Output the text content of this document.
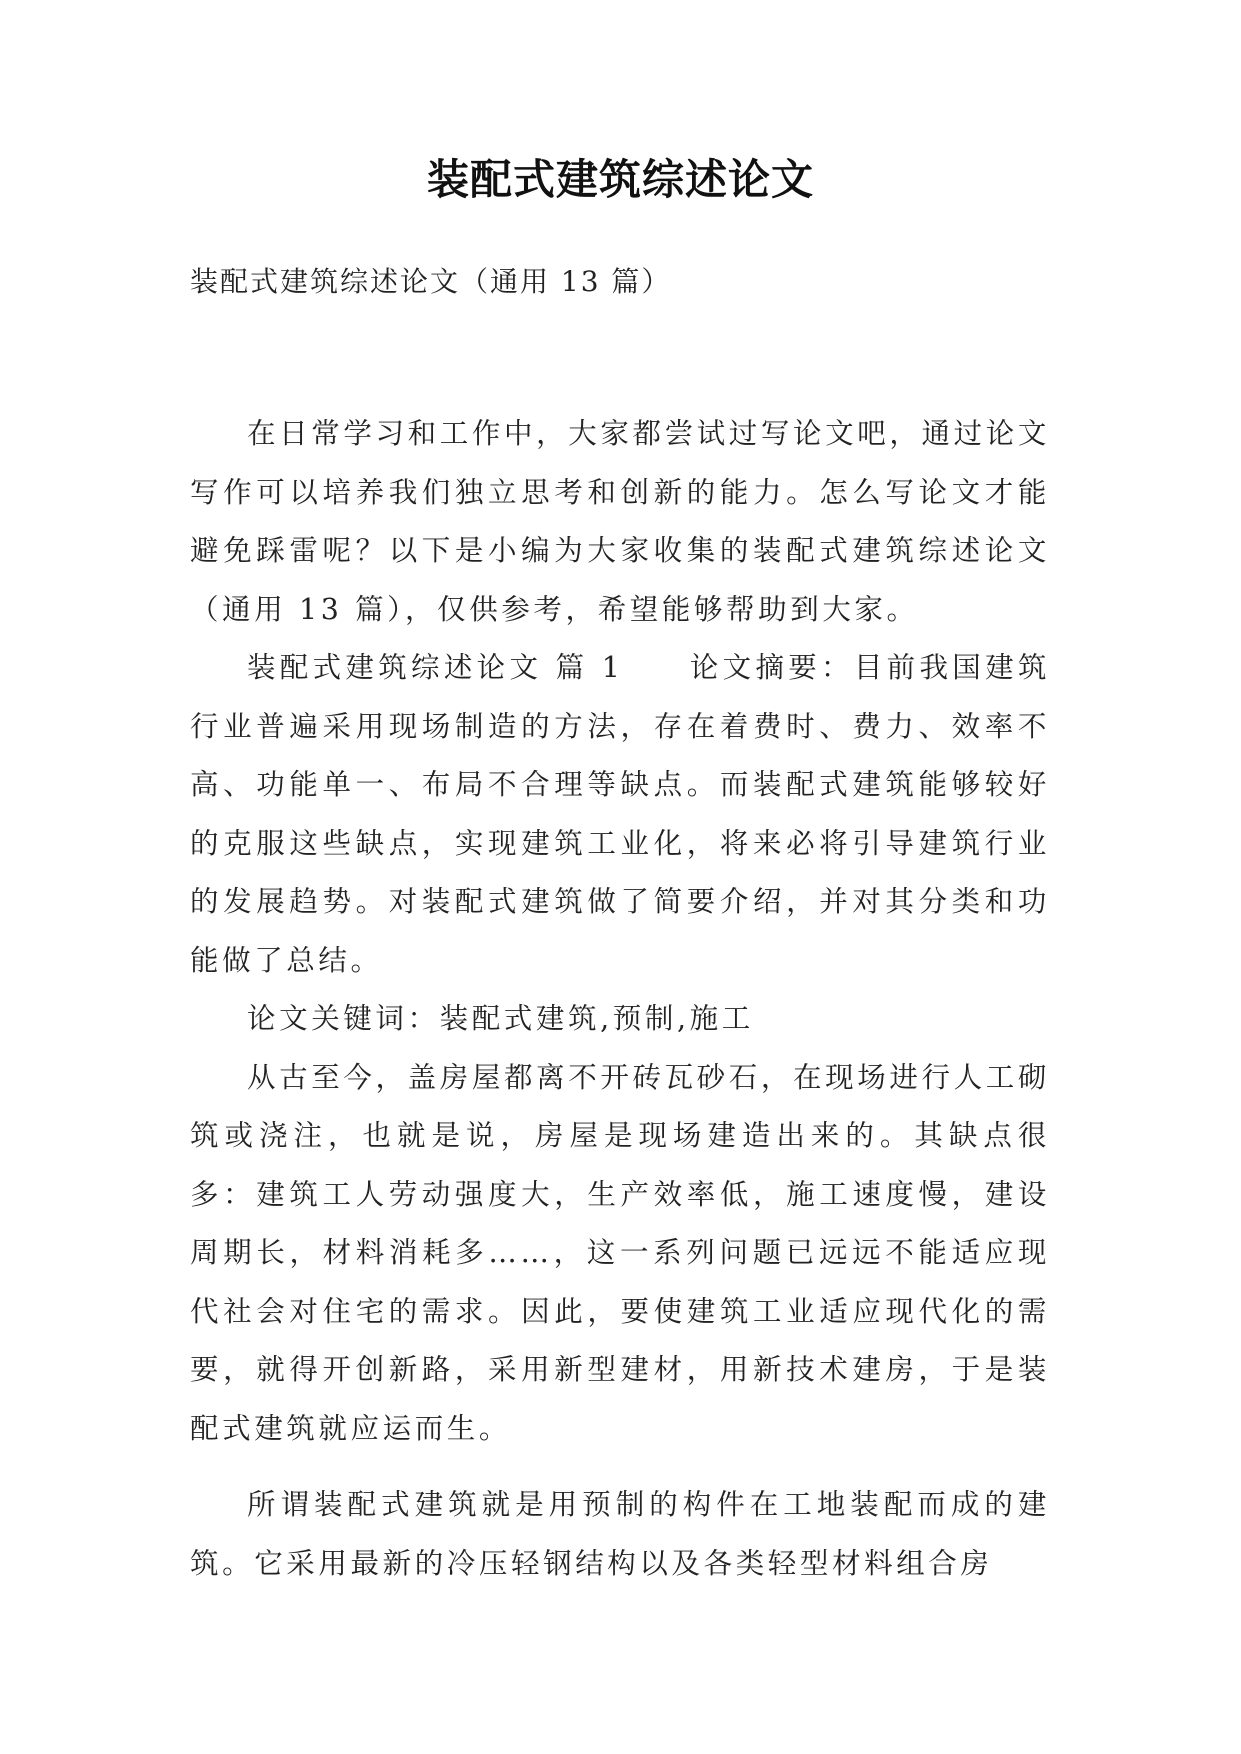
装配式建筑综述论文
装配式建筑综述论文（通用 13 篇）

在日常学习和工作中，大家都尝试过写论文吧，通过论文写作可以培养我们独立思考和创新的能力。怎么写论文才能避免踩雷呢？以下是小编为大家收集的装配式建筑综述论文（通用 13 篇），仅供参考，希望能够帮助到大家。

装配式建筑综述论文 篇 1　　论文摘要：目前我国建筑行业普遍采用现场制造的方法，存在着费时、费力、效率不高、功能单一、布局不合理等缺点。而装配式建筑能够较好的克服这些缺点，实现建筑工业化，将来必将引导建筑行业的发展趋势。对装配式建筑做了简要介绍，并对其分类和功能做了总结。

论文关键词：装配式建筑,预制,施工

从古至今，盖房屋都离不开砖瓦砂石，在现场进行人工砌筑或浇注，也就是说，房屋是现场建造出来的。其缺点很多：建筑工人劳动强度大，生产效率低，施工速度慢，建设周期长，材料消耗多……，这一系列问题已远远不能适应现代社会对住宅的需求。因此，要使建筑工业适应现代化的需要，就得开创新路，采用新型建材，用新技术建房，于是装配式建筑就应运而生。

所谓装配式建筑就是用预制的构件在工地装配而成的建筑。它采用最新的冷压轻钢结构以及各类轻型材料组合房
